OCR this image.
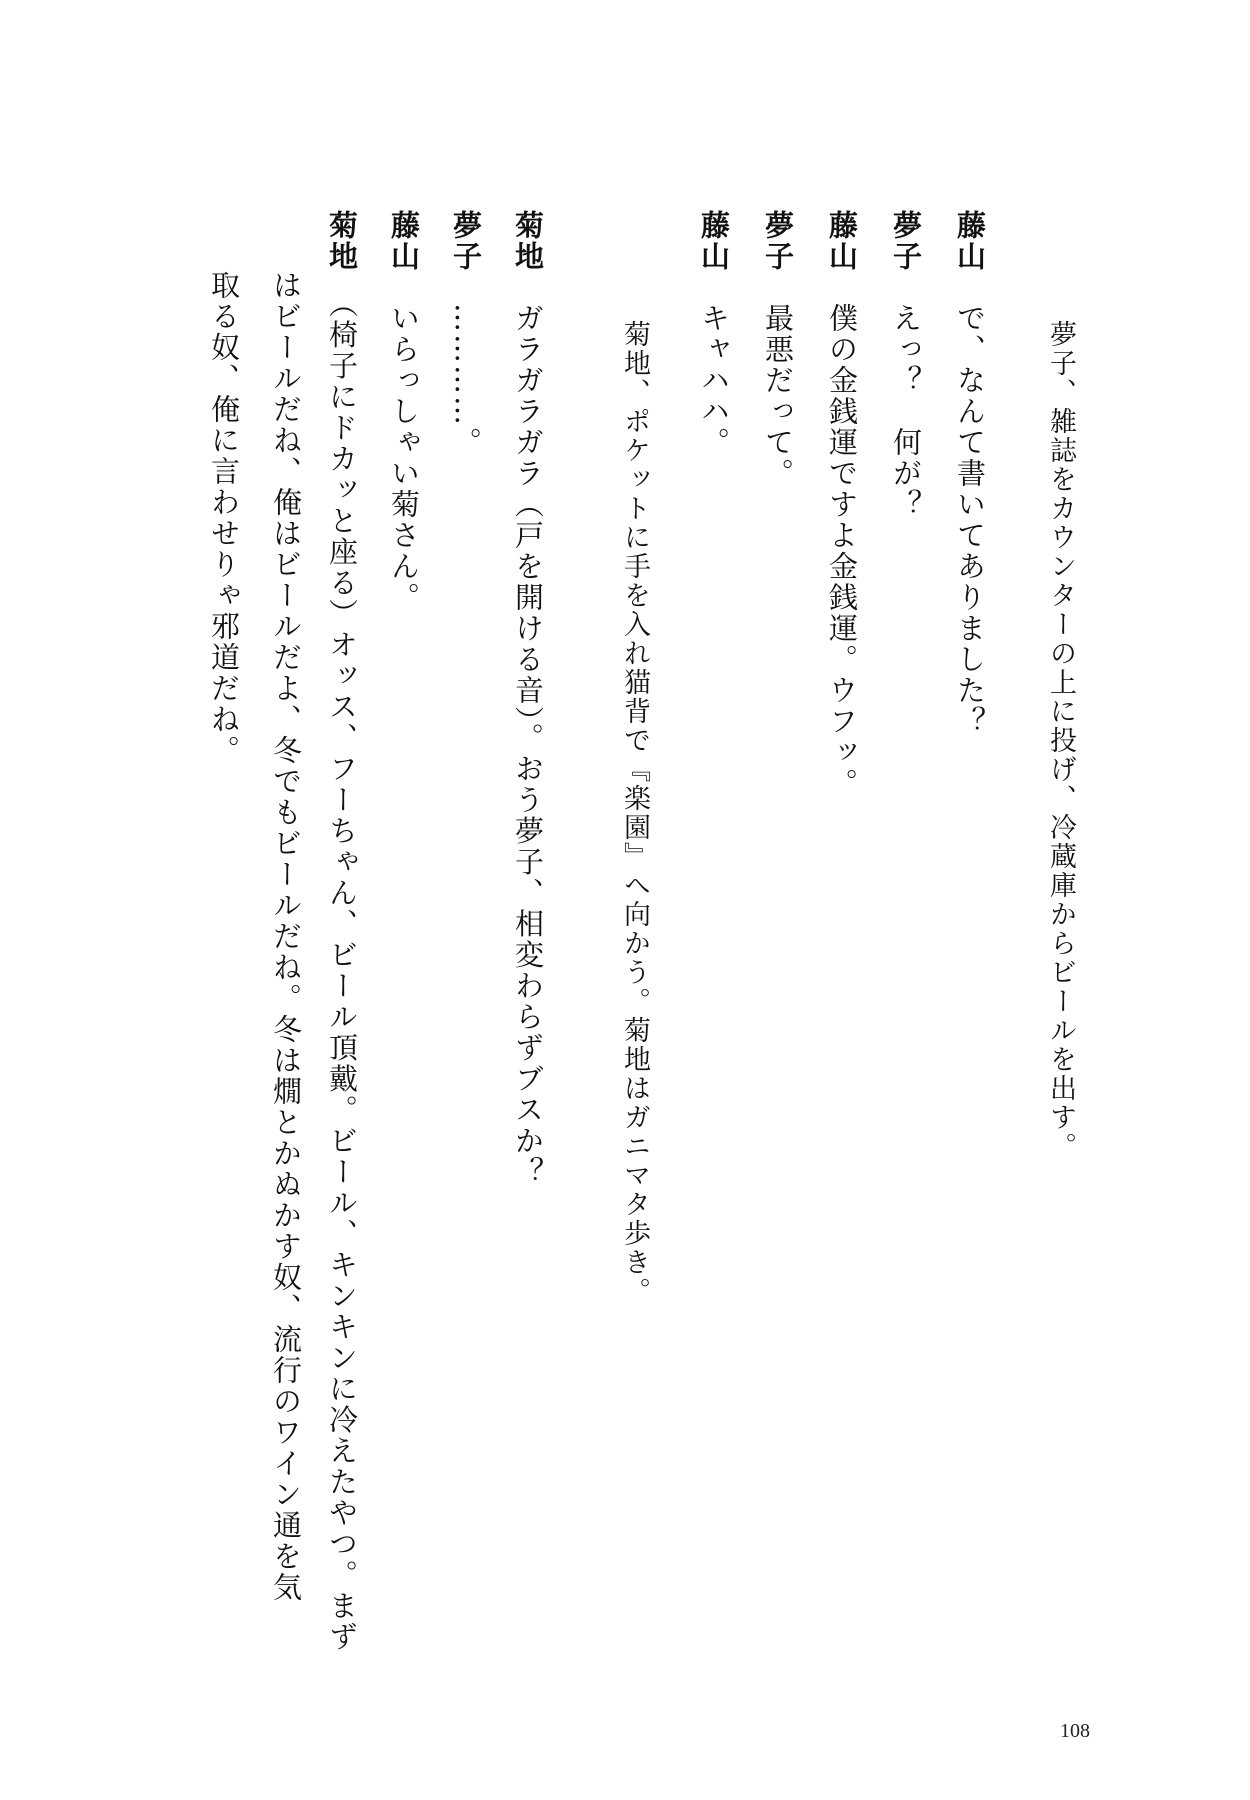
夢子、雑誌をカウンターの上に投げ、冷蔵庫からビールを出す。
藤山　で、なんて書いてありました？
夢子　えっ？　何が？
藤山　僕の金銭運ですよ金銭運。ウフッ。
夢子　最悪だって。
藤山　キャハハ。
菊地、ポケットに手を入れ猫背で『楽園』へ向かう。菊地はガニマタ歩き。
菊地　ガラガラガラ（戸を開ける音）。おう夢子、相変わらずブスか？
夢子　…………。
藤山　いらっしゃい菊さん。
菊地　（椅子にドカッと座る）オッス、フーちゃん、ビール頂戴。ビール、キンキンに冷えたやつ。まず
はビールだね、俺はビールだよ、冬でもビールだね。冬は燗とかぬかす奴、流行のワイン通を気
取る奴、俺に言わせりゃ邪道だね。
108
